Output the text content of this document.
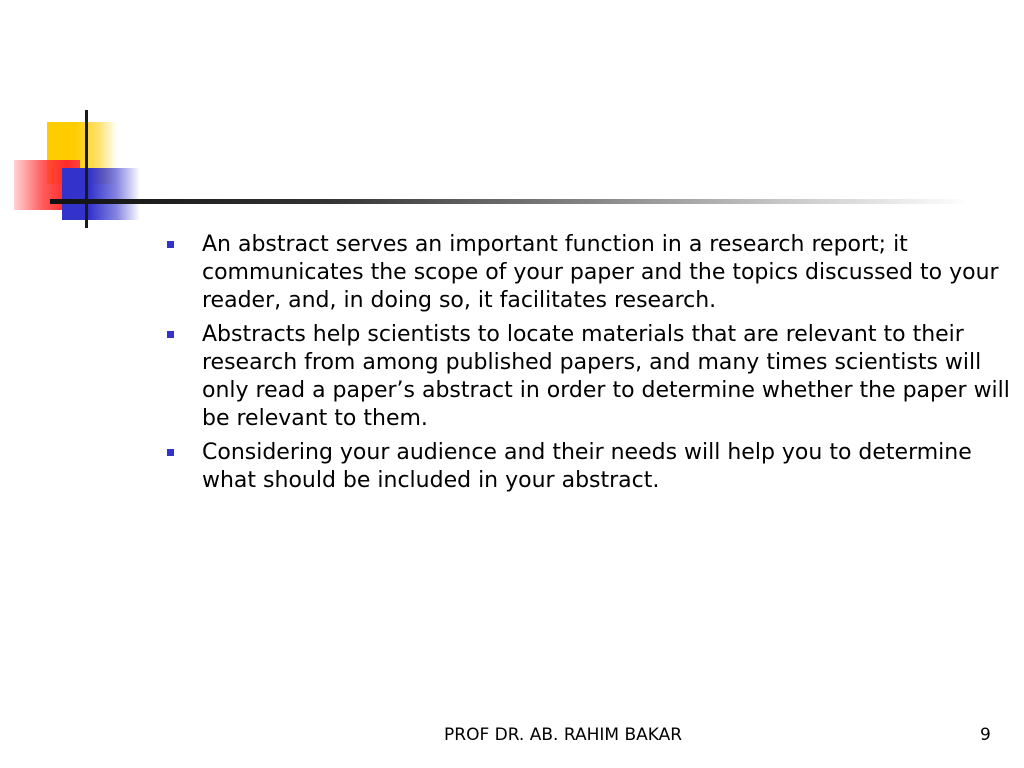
An abstract serves an important function in a research report; it communicates the scope of your paper and the topics discussed to your reader, and, in doing so, it facilitates research.
Abstracts help scientists to locate materials that are relevant to their research from among published papers, and many times scientists will only read a paper’s abstract in order to determine whether the paper will be relevant to them.
Considering your audience and their needs will help you to determine what should be included in your abstract.
PROF DR. AB. RAHIM BAKAR	9
